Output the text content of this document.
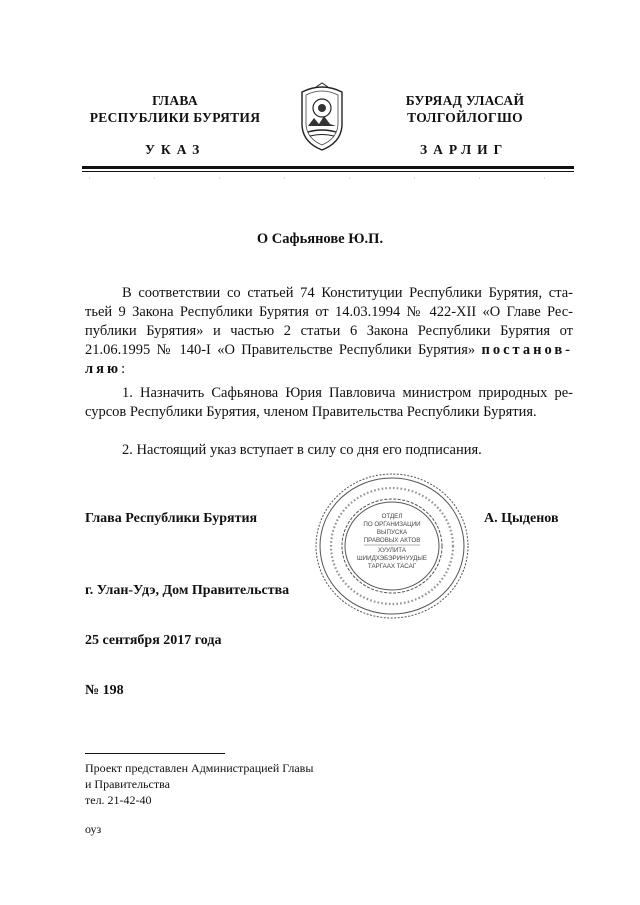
ГЛАВА
РЕСПУБЛИКИ БУРЯТИЯ
БУРЯАД УЛАСАЙ
ТОЛГОЙЛОГШО
УКАЗ	ЗАРЛИГ
О Сафьянове Ю.П.
В соответствии со статьей 74 Конституции Республики Бурятия, ста-
тьей 9 Закона Республики Бурятия от 14.03.1994 № 422-XII «О Главе Рес-
публики Бурятия» и частью 2 статьи 6 Закона Республики Бурятия от
21.06.1995 № 140-I «О Правительстве Республики Бурятия» постанов-
ляю:
1. Назначить Сафьянова Юрия Павловича министром природных ре-
сурсов Республики Бурятия, членом Правительства Республики Бурятия.
2. Настоящий указ вступает в силу со дня его подписания.
Глава Республики Бурятия	А. Цыденов
г. Улан-Удэ, Дом Правительства
25 сентября 2017 года
№ 198
ОТДЕЛ
ПО ОРГАНИЗАЦИИ
ВЫПУСКА
ПРАВОВЫХ АКТОВ
ХУУЛИТА
ШИИДХЭБЭРИНУУДЫЕ
ТАРГААХ ТАСАГ
Проект представлен Администрацией Главы
и Правительства
тел. 21-42-40
оуз
